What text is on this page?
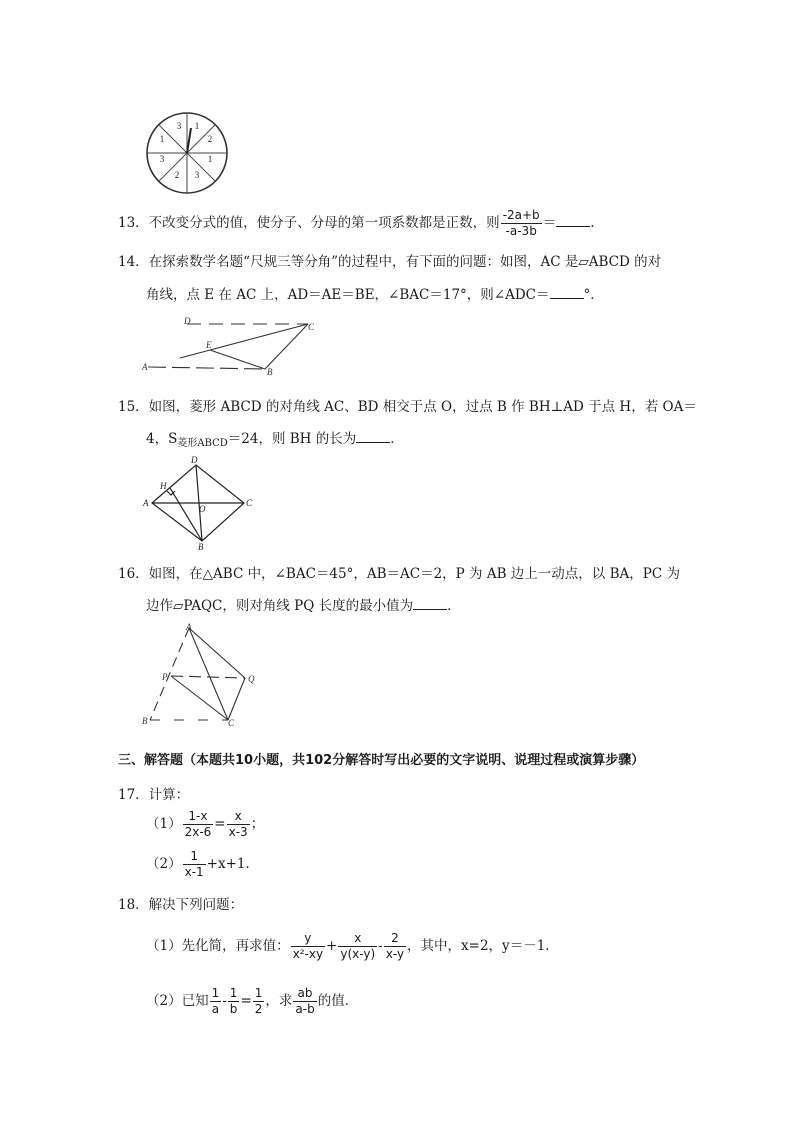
3 1
2
1
3
2
3
1
13．不改变分式的值，使分子、分母的第一项系数都是正数，则 $\frac{-2a+b}{-a-3b}$ ＝	.
14．在探索数学名题“尺规三等分角”的过程中，有下面的问题：如图，AC 是▱ABCD 的对
角线，点 E 在 AC 上，AD＝AE＝BE，∠BAC＝17°，则∠ADC＝	°．
D
C
E
A	B
15．如图，菱形 ABCD 的对角线 AC、BD 相交于点 O，过点 B 作 BH⊥AD 于点 H，若 OA＝
4，$S_{菱形ABCD}=24$，则 BH 的长为	．
D
H
A
O
C
B
16．如图，在△ABC 中，∠BAC＝45°，AB＝AC＝2，P 为 AB 边上一动点，以 BA，PC 为
边作▱PAQC，则对角线 PQ 长度的最小值为	．
A
P	Q
B	C
三、解答题（本题共10小题，共102分解答时写出必要的文字说明、说理过程或演算步骤）
17．计算：
$(1) \frac{1-x}{2x-6} = \frac{x}{x-3}$ ；
$(2) \frac{1}{x-1} +x+1$．
18．解决下列问题：
（1）先化简，再求值： $\frac{y}{\text{x²-xy}} + \frac{x}{y(x-y)} - \frac{2}{x-y}$ ，其中，x=2，y＝－1．
（2）已知 $\frac{1}{a} - \frac{1}{b} = \frac{1}{2}$ ，求 $\frac{ab}{a-b}$ 的值．
